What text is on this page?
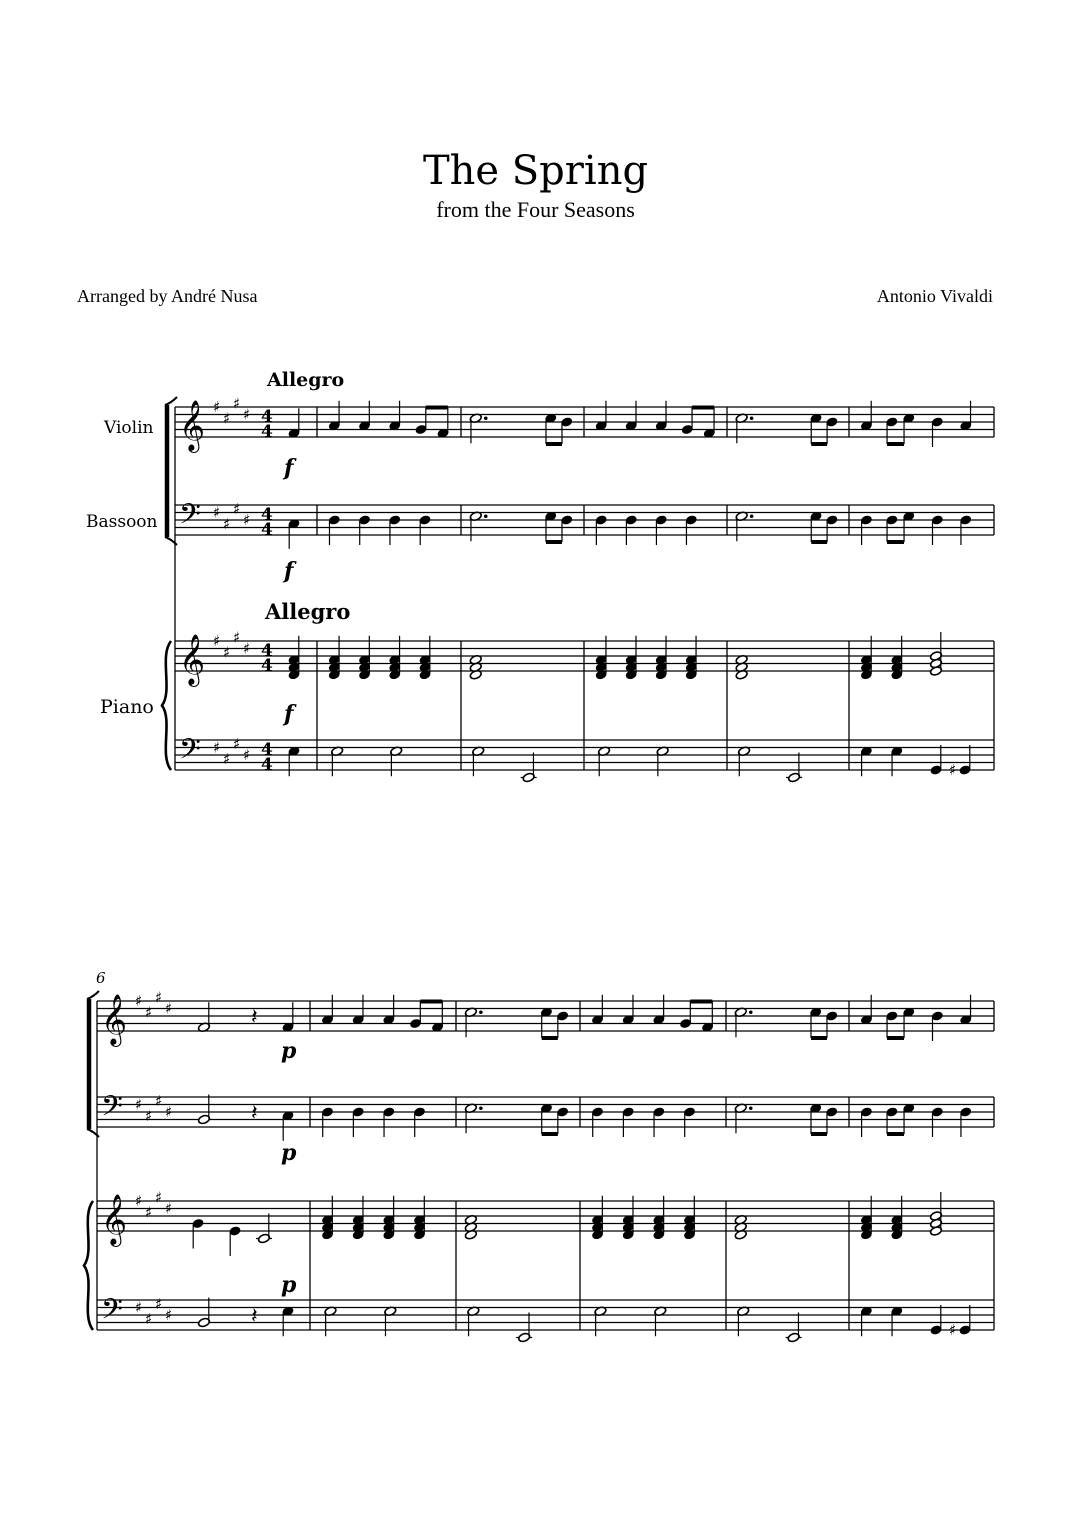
The Spring
from the Four Seasons
Arranged by André Nusa	Antonio Vivaldi
𝄞 ♯
♯
♯
♯ 4
4
𝄢 ♯
♯
♯
♯ 4
4
𝄞 ♯
♯
♯
♯ 4
4
𝄢 ♯
♯
♯
♯ 4
4	♯
Allegro
Allegro
f
f
f
Violin
Bassoon
Piano
𝄞 ♯
♯
♯
♯
𝄢 ♯
♯
♯
♯
𝄞 ♯
♯
♯
♯
𝄢 ♯
♯
♯
♯
𝄽
𝄽
𝄽
♯
6
p
p
p
